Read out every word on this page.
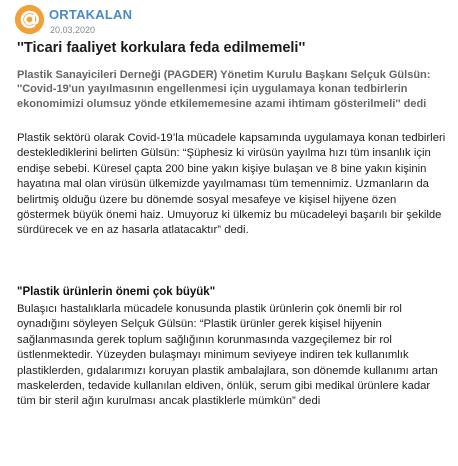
ORTAKALAN
20.03.2020
''Ticari faaliyet korkulara feda edilmemeli''

Plastik Sanayicileri Derneği (PAGDER) Yönetim Kurulu Başkanı Selçuk Gülsün: ''Covid-19'un yayılmasının engellenmesi için uygulamaya konan tedbirlerin ekonomimizi olumsuz yönde etkilememesine azami ihtimam gösterilmeli'' dedi

Plastik sektörü olarak Covid-19’la mücadele kapsamında uygulamaya konan tedbirleri desteklediklerini belirten Gülsün: “Şüphesiz ki virüsün yayılma hızı tüm insanlık için endişe sebebi. Küresel çapta 200 bine yakın kişiye bulaşan ve 8 bine yakın kişinin hayatına mal olan virüsün ülkemizde yayılmaması tüm temennimiz. Uzmanların da belirtmiş olduğu üzere bu dönemde sosyal mesafeye ve kişisel hijyene özen göstermek büyük önemi haiz. Umuyoruz ki ülkemiz bu mücadeleyi başarılı bir şekilde sürdürecek ve en az hasarla atlatacaktır” dedi.

"Plastik ürünlerin önemi çok büyük"

Bulaşıcı hastalıklarla mücadele konusunda plastik ürünlerin çok önemli bir rol oynadığını söyleyen Selçuk Gülsün: “Plastik ürünler gerek kişisel hijyenin sağlanmasında gerek toplum sağlığının korunmasında vazgeçilemez bir rol üstlenmektedir. Yüzeyden bulaşmayı minimum seviyeye indiren tek kullanımlık plastiklerden, gıdalarımızı koruyan plastik ambalajlara, son dönemde kullanımı artan maskelerden, tedavide kullanılan eldiven, önlük, serum gibi medikal ürünlere kadar tüm bir steril ağın kurulması ancak plastiklerle mümkün” dedi
